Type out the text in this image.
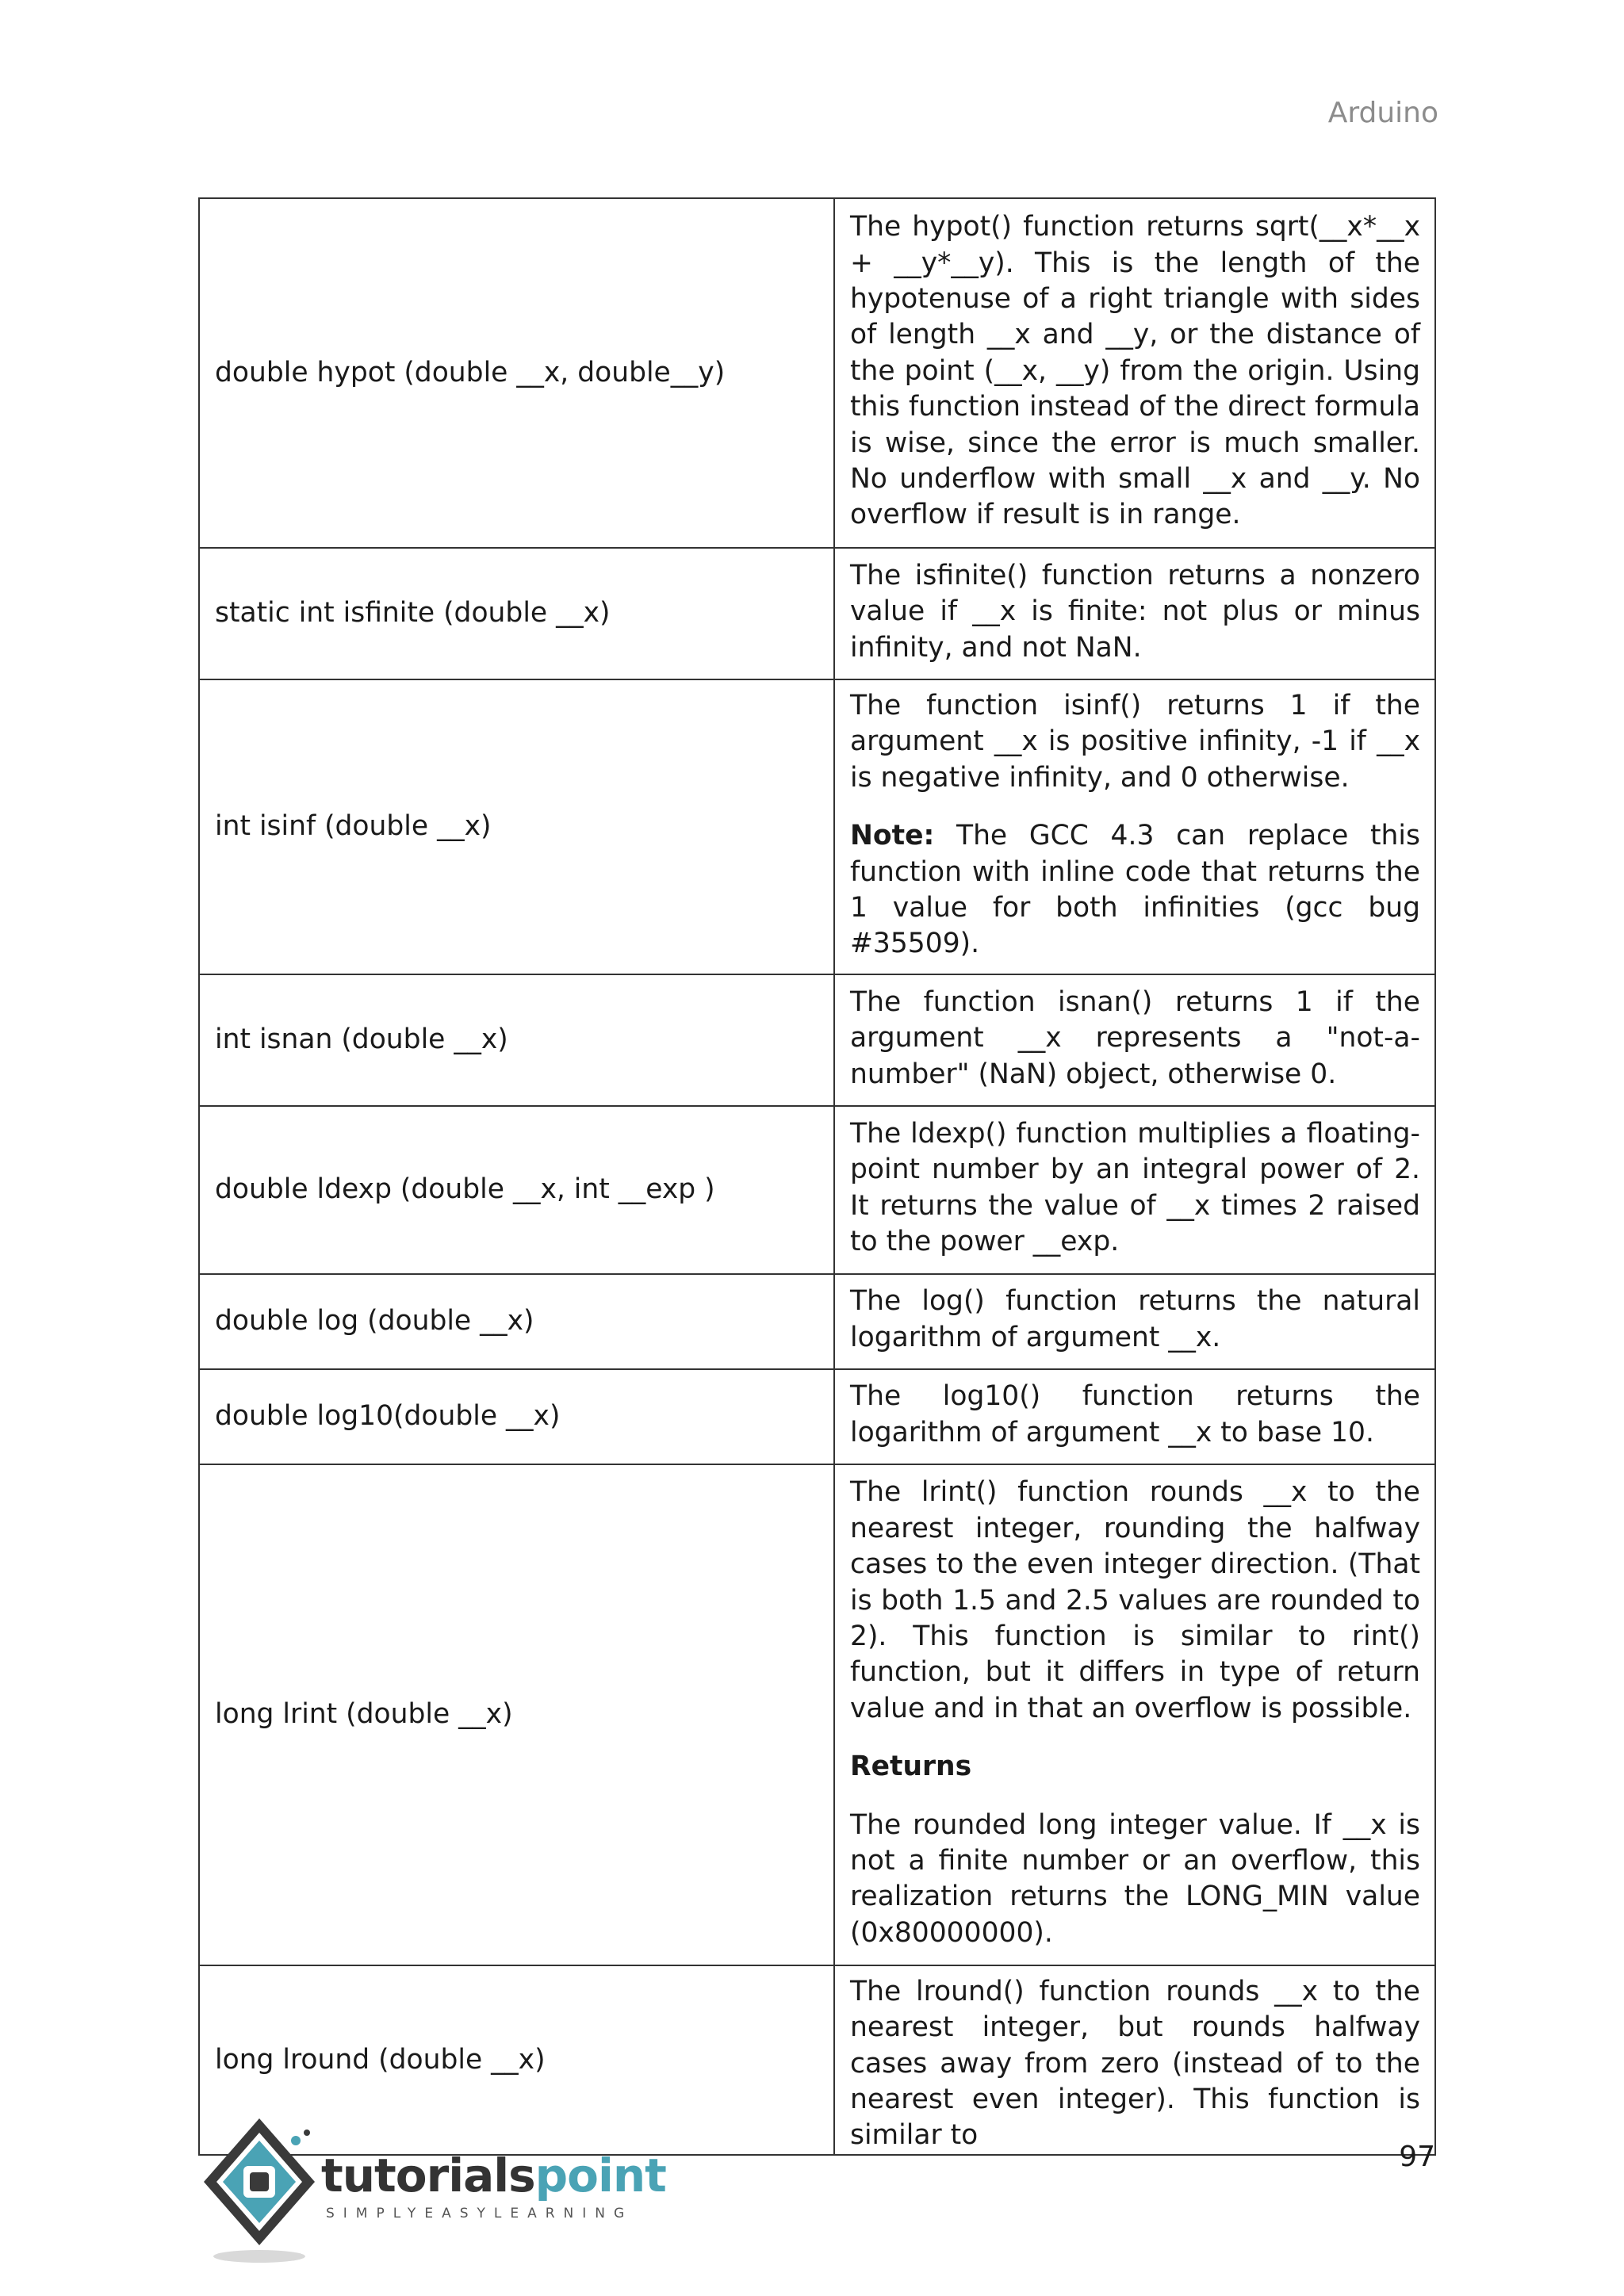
Arduino
double hypot (double __x, double__y)	The hypot() function returns sqrt(__x*__x + __y*__y). This is the length of the hypotenuse of a right triangle with sides of length __x and __y, or the distance of the point (__x, __y) from the origin. Using this function instead of the direct formula is wise, since the error is much smaller. No underflow with small __x and __y. No overflow if result is in range.

static int isfinite (double __x)	The isfinite() function returns a nonzero value if __x is finite: not plus or minus infinity, and not NaN.

int isinf (double __x)	The function isinf() returns 1 if the argument __x is positive infinity, -1 if __x is negative infinity, and 0 otherwise.

Note: The GCC 4.3 can replace this function with inline code that returns the 1 value for both infinities (gcc bug #35509).

int isnan (double __x)	The function isnan() returns 1 if the argument __x represents a "not-a-number" (NaN) object, otherwise 0.

double ldexp (double __x, int __exp )	The ldexp() function multiplies a floating-point number by an integral power of 2. It returns the value of __x times 2 raised to the power __exp.

double log (double __x)	The log() function returns the natural logarithm of argument __x.

double log10(double __x)	The log10() function returns the logarithm of argument __x to base 10.

long lrint (double __x)	The lrint() function rounds __x to the nearest integer, rounding the halfway cases to the even integer direction. (That is both 1.5 and 2.5 values are rounded to 2). This function is similar to rint() function, but it differs in type of return value and in that an overflow is possible.

Returns

The rounded long integer value. If __x is not a finite number or an overflow, this realization returns the LONG_MIN value (0x80000000).

long lround (double __x)	The lround() function rounds __x to the nearest integer, but rounds halfway cases away from zero (instead of to the nearest even integer). This function is similar to

tutorialspoint
SIMPLYEASYLEARNING
97
